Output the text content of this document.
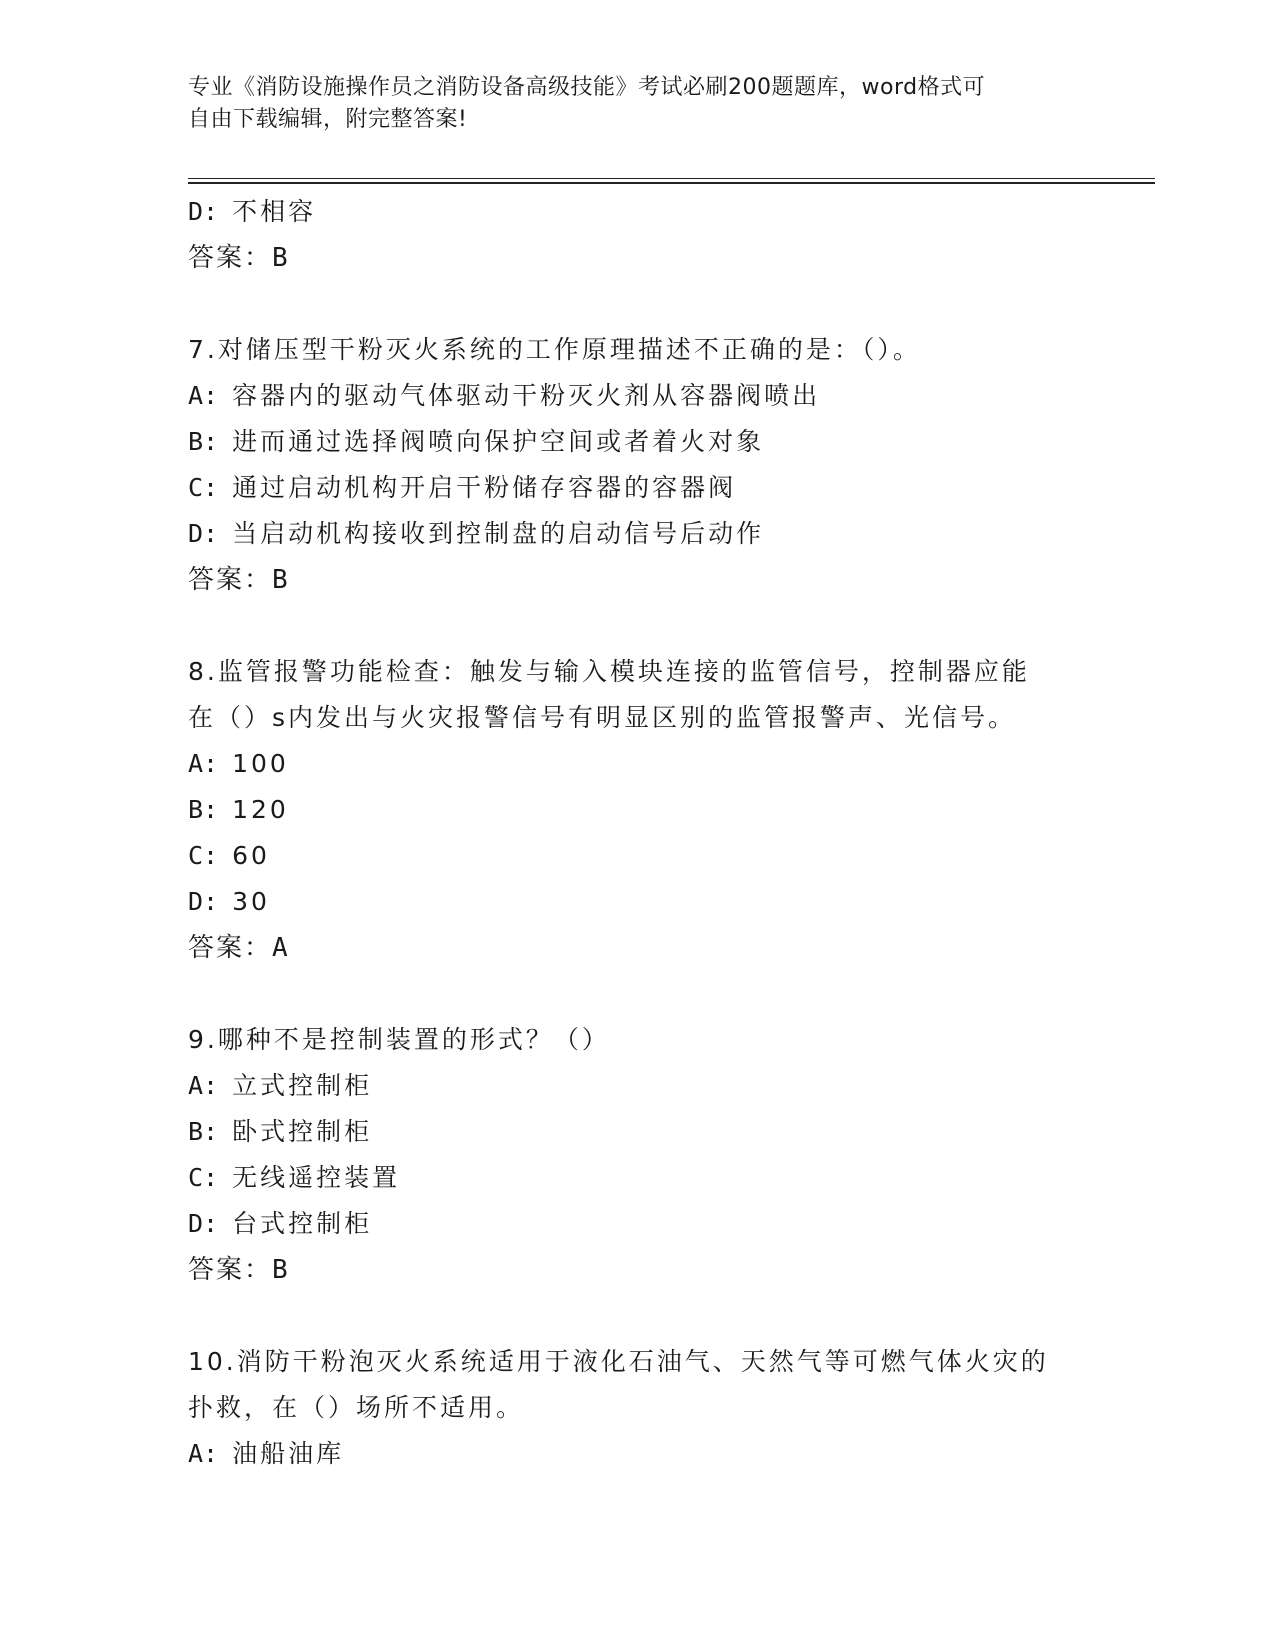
专业《消防设施操作员之消防设备高级技能》考试必刷200题题库，word格式可
自由下载编辑，附完整答案!
D: 不相容
答案：B
7.对储压型干粉灭火系统的工作原理描述不正确的是：（）。
A: 容器内的驱动气体驱动干粉灭火剂从容器阀喷出
B: 进而通过选择阀喷向保护空间或者着火对象
C: 通过启动机构开启干粉储存容器的容器阀
D: 当启动机构接收到控制盘的启动信号后动作
答案：B
8.监管报警功能检查：触发与输入模块连接的监管信号，控制器应能
在（）s内发出与火灾报警信号有明显区别的监管报警声、光信号。
A: 100
B: 120
C: 60
D: 30
答案：A
9.哪种不是控制装置的形式？（）
A: 立式控制柜
B: 卧式控制柜
C: 无线遥控装置
D: 台式控制柜
答案：B
10.消防干粉泡灭火系统适用于液化石油气、天然气等可燃气体火灾的
扑救，在（）场所不适用。
A: 油船油库
